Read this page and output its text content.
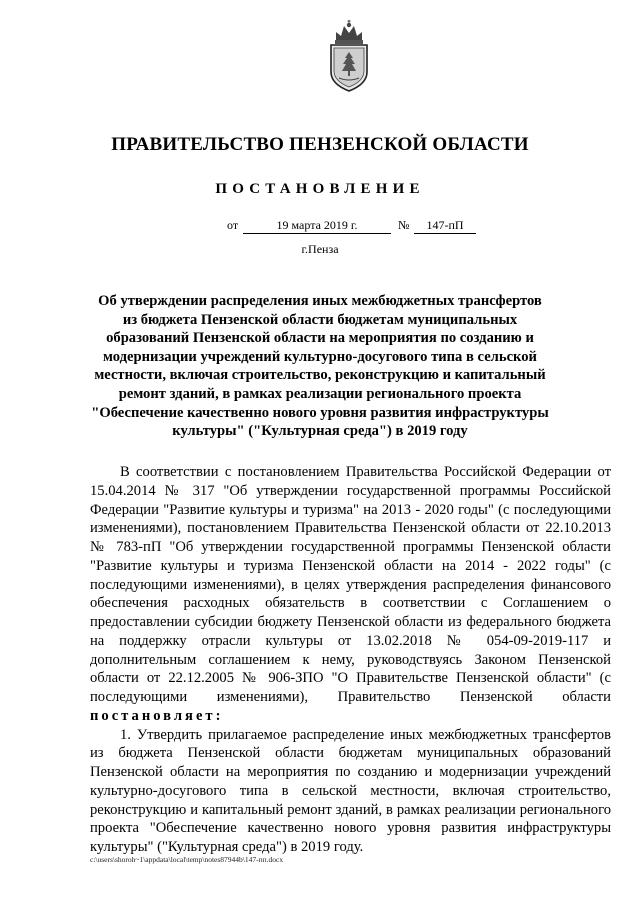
ПРАВИТЕЛЬСТВО ПЕНЗЕНСКОЙ ОБЛАСТИ
ПОСТАНОВЛЕНИЕ
от	19 марта 2019 г.	№	147-пП
г.Пенза
Об утверждении распределения иных межбюджетных трансфертов из бюджета Пензенской области бюджетам муниципальных образований Пензенской области на мероприятия по созданию и модернизации учреждений культурно-досугового типа в сельской местности, включая строительство, реконструкцию и капитальный ремонт зданий, в рамках реализации регионального проекта "Обеспечение качественно нового уровня развития инфраструктуры культуры" ("Культурная среда") в 2019 году

В соответствии с постановлением Правительства Российской Федерации от 15.04.2014 № 317 "Об утверждении государственной программы Российской Федерации "Развитие культуры и туризма" на 2013 - 2020 годы" (с последующими изменениями), постановлением Правительства Пензенской области от 22.10.2013 № 783-пП "Об утверждении государственной программы Пензенской области "Развитие культуры и туризма Пензенской области на 2014 - 2022 годы" (с последующими изменениями), в целях утверждения распределения финансового обеспечения расходных обязательств в соответствии с Соглашением о предоставлении субсидии бюджету Пензенской области из федерального бюджета на поддержку отрасли культуры от 13.02.2018 № 054-09-2019-117 и дополнительным соглашением к нему, руководствуясь Законом Пензенской области от 22.12.2005 № 906-ЗПО "О Правительстве Пензенской области" (с последующими изменениями), Правительство Пензенской области постановляет:

1. Утвердить прилагаемое распределение иных межбюджетных трансфертов из бюджета Пензенской области бюджетам муниципальных образований Пензенской области на мероприятия по созданию и модернизации учреждений культурно-досугового типа в сельской местности, включая строительство, реконструкцию и капитальный ремонт зданий, в рамках реализации регионального проекта "Обеспечение качественно нового уровня развития инфраструктуры культуры" ("Культурная среда") в 2019 году.

c:\users\shoroh~1\appdata\local\temp\notes87944b\147-пп.docx
